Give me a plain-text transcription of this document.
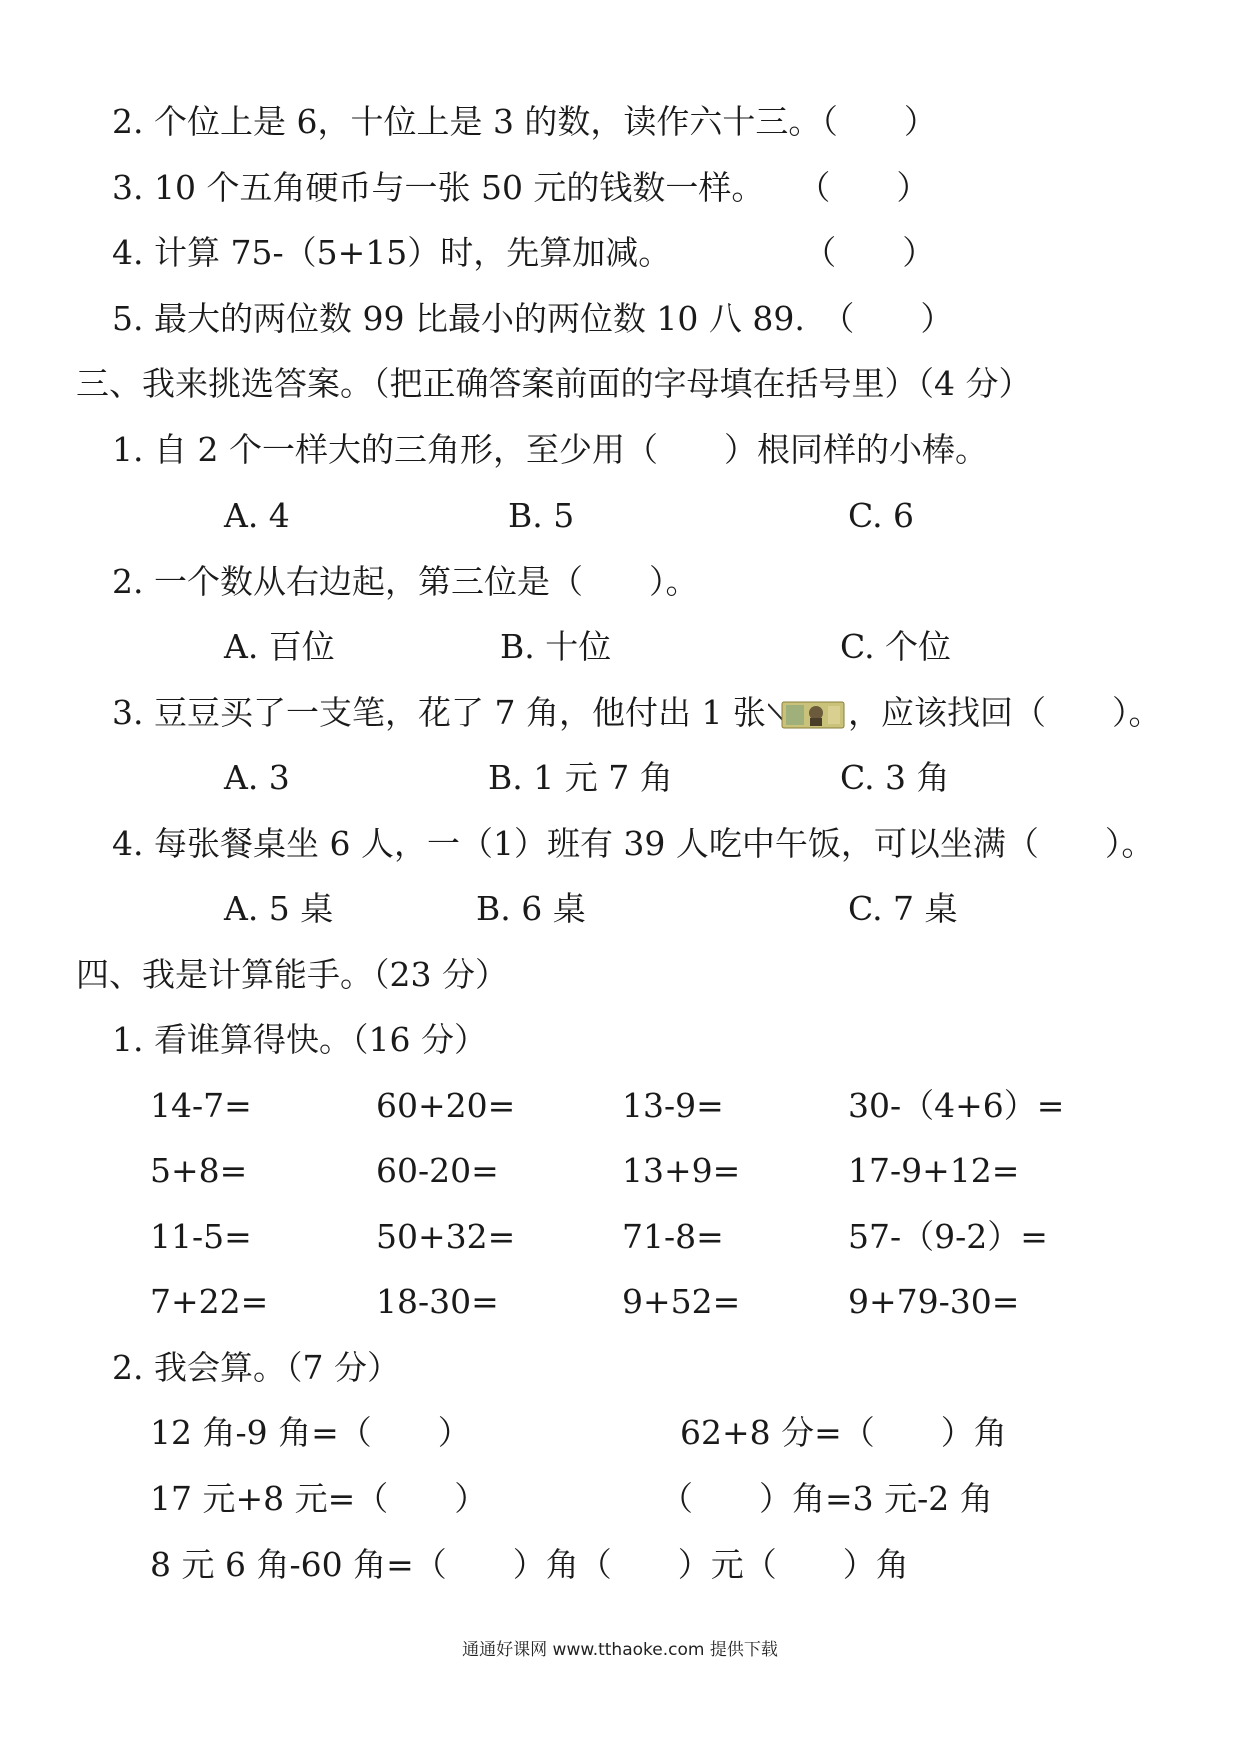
2. 个位上是 6，十位上是 3 的数，读作六十三。（　　）
3. 10 个五角硬币与一张 50 元的钱数一样。　　（　　）
4. 计算 75-（5+15）时，先算加减。　　　　　（　　）
5. 最大的两位数 99 比最小的两位数 10 八 89.　（　　）
三、我来挑选答案。（把正确答案前面的字母填在括号里）（4 分）
1. 自 2 个一样大的三角形，至少用（　　）根同样的小棒。
A. 4	B. 5	C. 6
2. 一个数从右边起，第三位是（　　）。
A. 百位	B. 十位	C. 个位
3. 豆豆买了一支笔，花了 7 角，他付出 1 张 ，应该找回（　　）。
A. 3	B. 1 元 7 角	C. 3 角
4. 每张餐桌坐 6 人，一（1）班有 39 人吃中午饭，可以坐满（　　）。
A. 5 桌	B. 6 桌	C. 7 桌
四、我是计算能手。（23 分）
1. 看谁算得快。（16 分）
14-7=	60+20=	13-9=	30-（4+6）=
5+8=	60-20=	13+9=	17-9+12=
11-5=	50+32=	71-8=	57-（9-2）=
7+22=	18-30=	9+52=	9+79-30=
2. 我会算。（7 分）
12 角-9 角=（　　）	62+8 分=（　　）角
17 元+8 元=（　　）	（　　）角=3 元-2 角
8 元 6 角-60 角=（　　）角（　　）元（　　）角
通通好课网 www.tthaoke.com 提供下载
